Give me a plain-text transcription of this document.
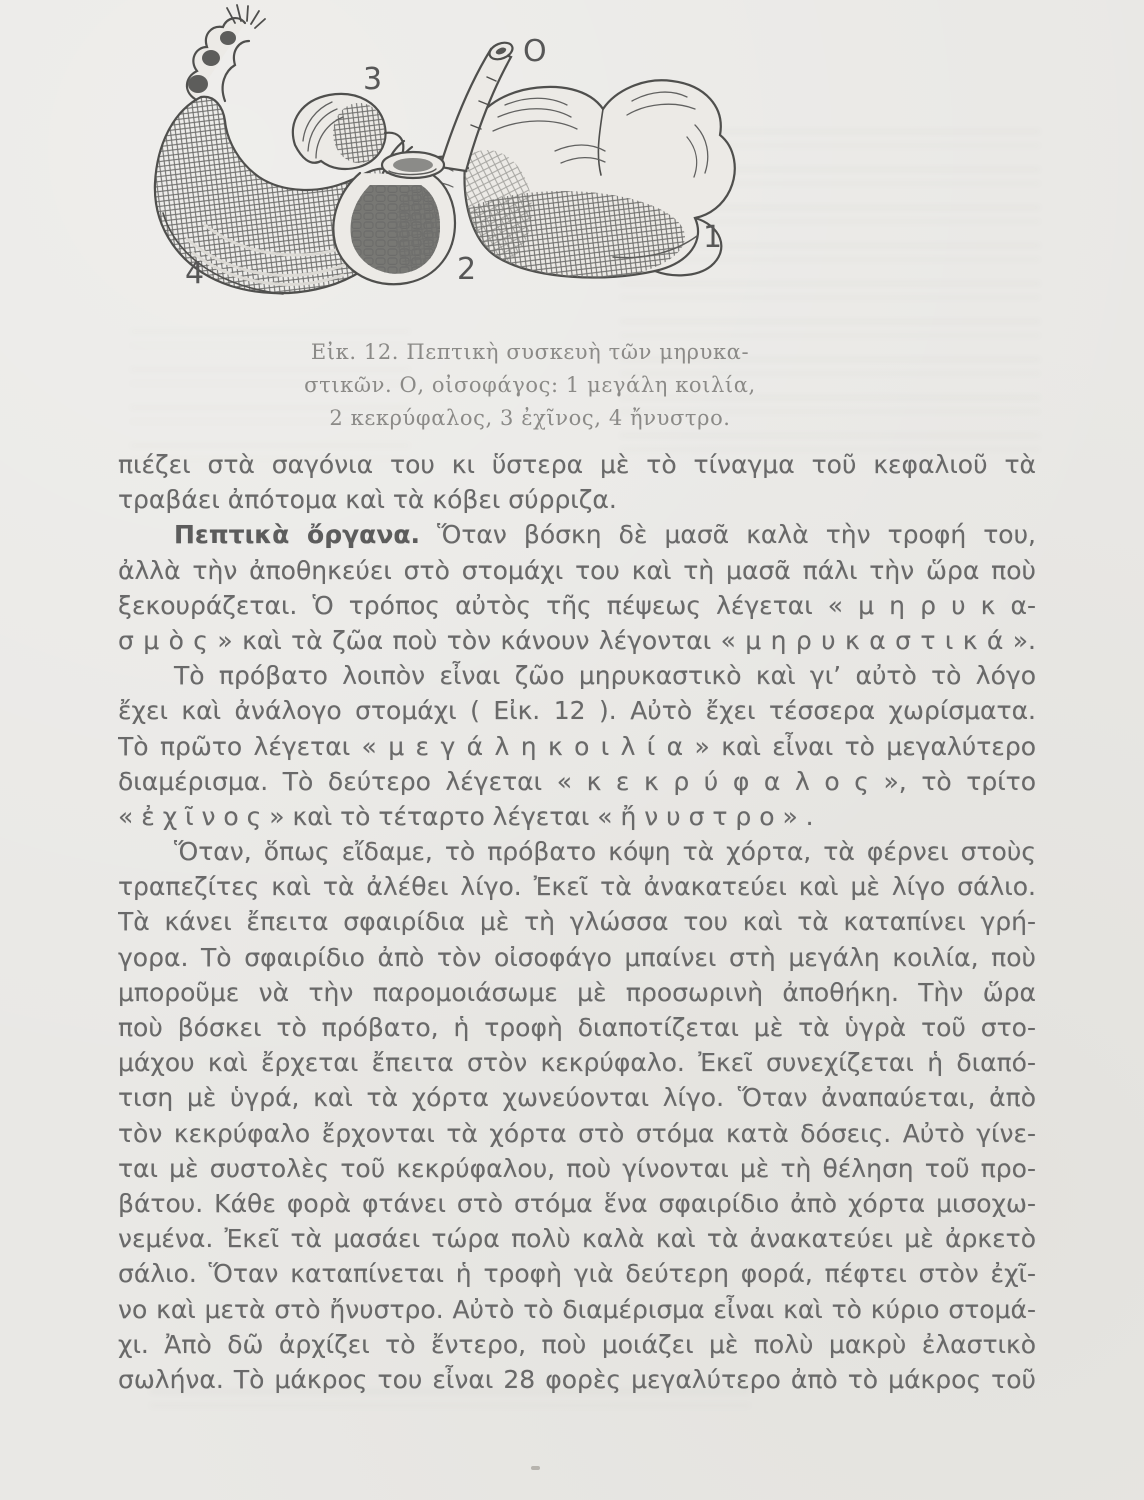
3
O
1
2
4
Εἰκ. 12. Πεπτικὴ συσκευὴ τῶν μηρυκα-
στικῶν. Ο, οἰσοφάγος: 1 μεγάλη κοιλία,
2 κεκρύφαλος, 3 ἐχῖνος, 4 ἤνυστρο.
πιέζει στὰ σαγόνια του κι ὕστερα μὲ τὸ τίναγμα τοῦ κεφαλιοῦ τὰ
τραβάει ἀπότομα καὶ τὰ κόβει σύρριζα.
Πεπτικὰ ὄργανα. Ὅταν βόσκη δὲ μασᾶ καλὰ τὴν τροφή του,
ἀλλὰ τὴν ἀποθηκεύει στὸ στομάχι του καὶ τὴ μασᾶ πάλι τὴν ὥρα ποὺ
ξεκουράζεται. Ὁ τρόπος αὐτὸς τῆς πέψεως λέγεται « μ η ρ υ κ α-
σ μ ὸ ς » καὶ τὰ ζῶα ποὺ τὸν κάνουν λέγονται « μ η ρ υ κ α σ τ ι κ ά ».
Τὸ πρόβατο λοιπὸν εἶναι ζῶο μηρυκαστικὸ καὶ γι’ αὐτὸ τὸ λόγο
ἔχει καὶ ἀνάλογο στομάχι ( Εἰκ. 12 ). Αὐτὸ ἔχει τέσσερα χωρίσματα.
Τὸ πρῶτο λέγεται « μ ε γ ά λ η κ ο ι λ ί α » καὶ εἶναι τὸ μεγαλύτερο
διαμέρισμα. Τὸ δεύτερο λέγεται « κ ε κ ρ ύ φ α λ ο ς », τὸ τρίτο
« ἐ χ ῖ ν ο ς » καὶ τὸ τέταρτο λέγεται « ἤ ν υ σ τ ρ ο » .
Ὅταν, ὅπως εἴδαμε, τὸ πρόβατο κόψη τὰ χόρτα, τὰ φέρνει στοὺς
τραπεζίτες καὶ τὰ ἀλέθει λίγο. Ἐκεῖ τὰ ἀνακατεύει καὶ μὲ λίγο σάλιο.
Τὰ κάνει ἔπειτα σφαιρίδια μὲ τὴ γλώσσα του καὶ τὰ καταπίνει γρή-
γορα. Τὸ σφαιρίδιο ἀπὸ τὸν οἰσοφάγο μπαίνει στὴ μεγάλη κοιλία, ποὺ
μποροῦμε νὰ τὴν παρομοιάσωμε μὲ προσωρινὴ ἀποθήκη. Τὴν ὥρα
ποὺ βόσκει τὸ πρόβατο, ἡ τροφὴ διαποτίζεται μὲ τὰ ὑγρὰ τοῦ στο-
μάχου καὶ ἔρχεται ἔπειτα στὸν κεκρύφαλο. Ἐκεῖ συνεχίζεται ἡ διαπό-
τιση μὲ ὑγρά, καὶ τὰ χόρτα χωνεύονται λίγο. Ὅταν ἀναπαύεται, ἀπὸ
τὸν κεκρύφαλο ἔρχονται τὰ χόρτα στὸ στόμα κατὰ δόσεις. Αὐτὸ γίνε-
ται μὲ συστολὲς τοῦ κεκρύφαλου, ποὺ γίνονται μὲ τὴ θέληση τοῦ προ-
βάτου. Κάθε φορὰ φτάνει στὸ στόμα ἕνα σφαιρίδιο ἀπὸ χόρτα μισοχω-
νεμένα. Ἐκεῖ τὰ μασάει τώρα πολὺ καλὰ καὶ τὰ ἀνακατεύει μὲ ἀρκετὸ
σάλιο. Ὅταν καταπίνεται ἡ τροφὴ γιὰ δεύτερη φορά, πέφτει στὸν ἐχῖ-
νο καὶ μετὰ στὸ ἤνυστρο. Αὐτὸ τὸ διαμέρισμα εἶναι καὶ τὸ κύριο στομά-
χι. Ἀπὸ δῶ ἀρχίζει τὸ ἔντερο, ποὺ μοιάζει μὲ πολὺ μακρὺ ἐλαστικὸ
σωλήνα. Τὸ μάκρος του εἶναι 28 φορὲς μεγαλύτερο ἀπὸ τὸ μάκρος τοῦ
